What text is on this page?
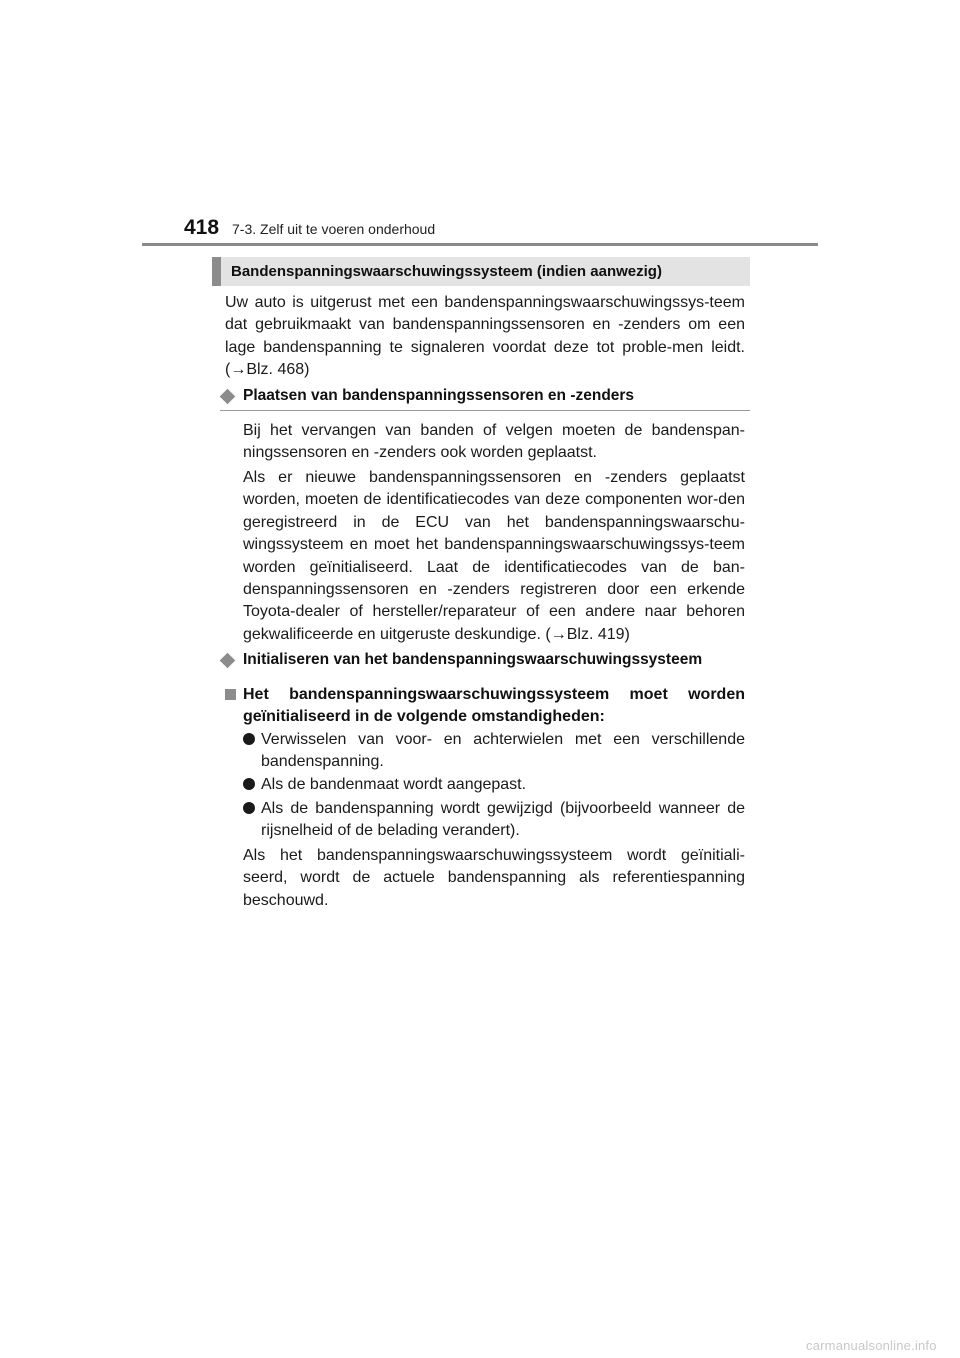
418 7-3. Zelf uit te voeren onderhoud
Bandenspanningswaarschuwingssysteem (indien aanwezig)

Uw auto is uitgerust met een bandenspanningswaarschuwingssys-teem dat gebruikmaakt van bandenspanningssensoren en -zenders om een lage bandenspanning te signaleren voordat deze tot proble-men leidt. (→Blz. 468)

Plaatsen van bandenspanningssensoren en -zenders

Bij het vervangen van banden of velgen moeten de bandenspan-ningssensoren en -zenders ook worden geplaatst.

Als er nieuwe bandenspanningssensoren en -zenders geplaatst worden, moeten de identificatiecodes van deze componenten wor-den geregistreerd in de ECU van het bandenspanningswaarschu-wingssysteem en moet het bandenspanningswaarschuwingssys-teem worden geïnitialiseerd. Laat de identificatiecodes van de ban-denspanningssensoren en -zenders registreren door een erkende Toyota-dealer of hersteller/reparateur of een andere naar behoren gekwalificeerde en uitgeruste deskundige. (→Blz. 419)

Initialiseren van het bandenspanningswaarschuwingssysteem
Het bandenspanningswaarschuwingssysteem moet worden geïnitialiseerd in de volgende omstandigheden:
Verwisselen van voor- en achterwielen met een verschillende bandenspanning.
Als de bandenmaat wordt aangepast.
Als de bandenspanning wordt gewijzigd (bijvoorbeeld wanneer de rijsnelheid of de belading verandert).

Als het bandenspanningswaarschuwingssysteem wordt geïnitiali-seerd, wordt de actuele bandenspanning als referentiespanning beschouwd.

carmanualsonline.info
